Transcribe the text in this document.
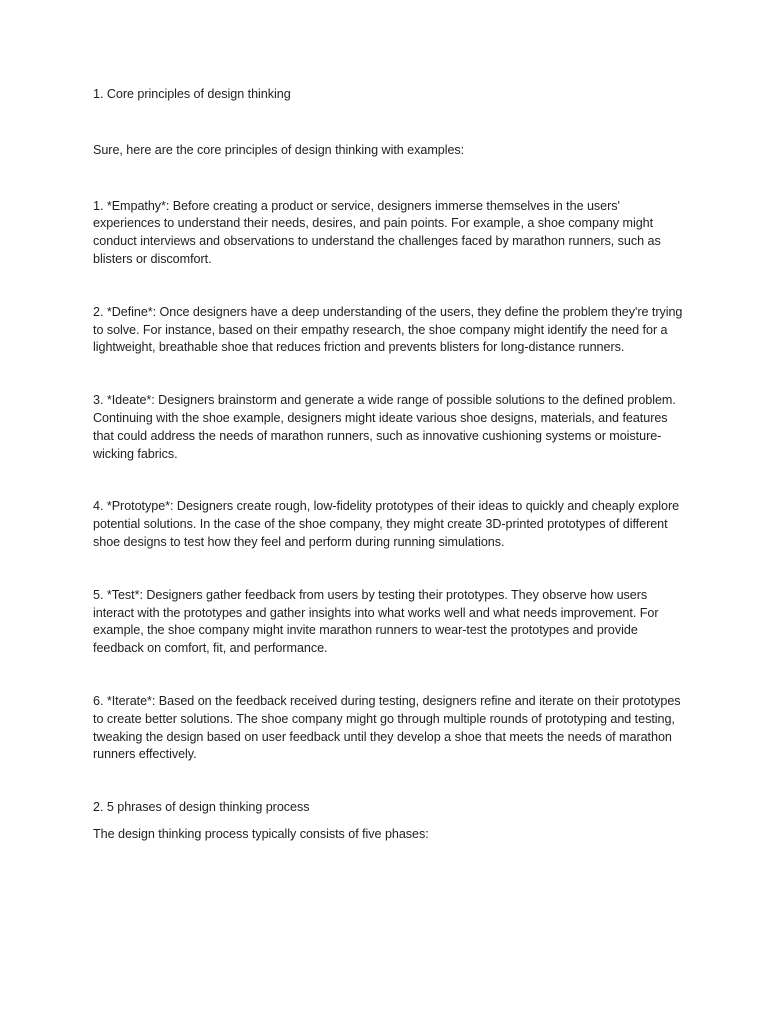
1. Core principles of design thinking

Sure, here are the core principles of design thinking with examples:

1. *Empathy*: Before creating a product or service, designers immerse themselves in the users' experiences to understand their needs, desires, and pain points. For example, a shoe company might conduct interviews and observations to understand the challenges faced by marathon runners, such as blisters or discomfort.

2. *Define*: Once designers have a deep understanding of the users, they define the problem they're trying to solve. For instance, based on their empathy research, the shoe company might identify the need for a lightweight, breathable shoe that reduces friction and prevents blisters for long-distance runners.

3. *Ideate*: Designers brainstorm and generate a wide range of possible solutions to the defined problem. Continuing with the shoe example, designers might ideate various shoe designs, materials, and features that could address the needs of marathon runners, such as innovative cushioning systems or moisture-wicking fabrics.

4. *Prototype*: Designers create rough, low-fidelity prototypes of their ideas to quickly and cheaply explore potential solutions. In the case of the shoe company, they might create 3D-printed prototypes of different shoe designs to test how they feel and perform during running simulations.

5. *Test*: Designers gather feedback from users by testing their prototypes. They observe how users interact with the prototypes and gather insights into what works well and what needs improvement. For example, the shoe company might invite marathon runners to wear-test the prototypes and provide feedback on comfort, fit, and performance.

6. *Iterate*: Based on the feedback received during testing, designers refine and iterate on their prototypes to create better solutions. The shoe company might go through multiple rounds of prototyping and testing, tweaking the design based on user feedback until they develop a shoe that meets the needs of marathon runners effectively.

2. 5 phrases of design thinking process

The design thinking process typically consists of five phases:
